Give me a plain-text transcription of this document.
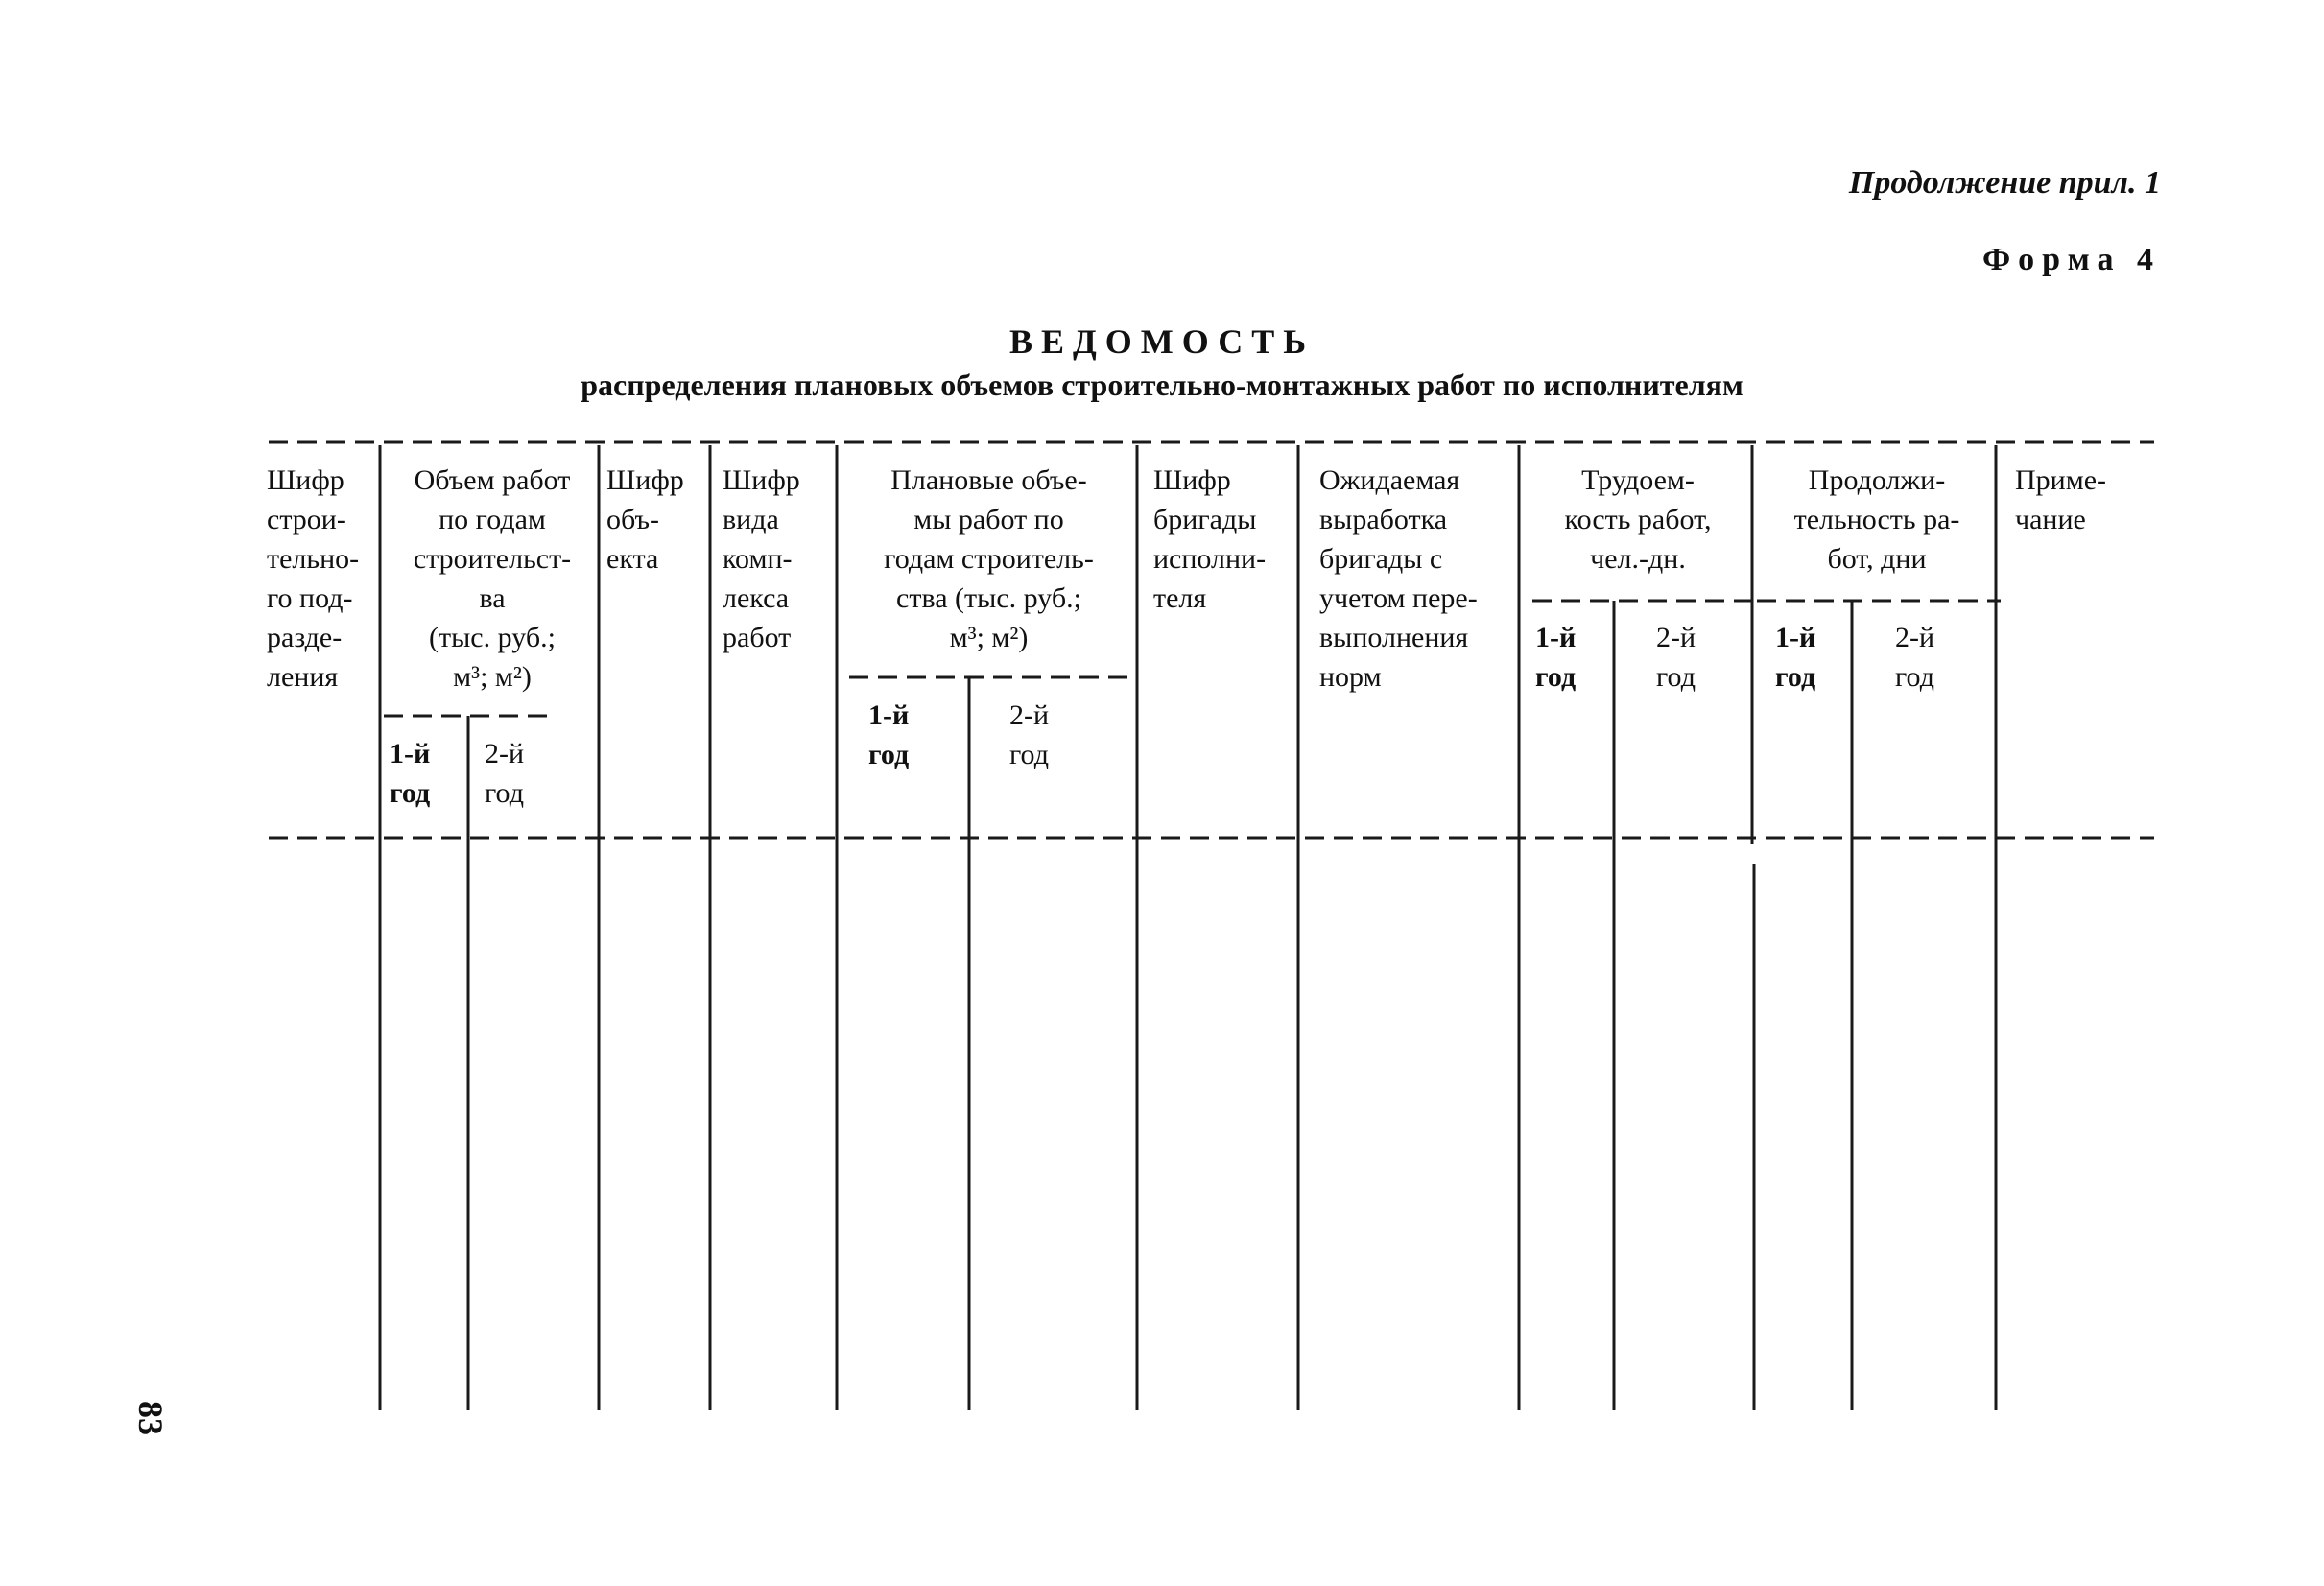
Продолжение прил. 1
Форма 4
ВЕДОМОСТЬ
распределения плановых объемов строительно-монтажных работ по исполнителям
Шифр
строи-
тельно-
го под-
разде-
ления
Объем работ
по годам
строительст-
ва
(тыс. руб.;
м³; м²)
1-й
год
2-й
год
Шифр
объ-
екта
Шифр
вида
комп-
лекса
работ
Плановые объе-
мы работ по
годам строитель-
ства (тыс. руб.;
м³; м²)
1-й
год
2-й
год
Шифр
бригады
исполни-
теля
Ожидаемая
выработка
бригады с
учетом пере-
выполнения
норм
Трудоем-
кость работ,
чел.-дн.
1-й
год
2-й
год
Продолжи-
тельность ра-
бот, дни
1-й
год
2-й
год
Приме-
чание
83
